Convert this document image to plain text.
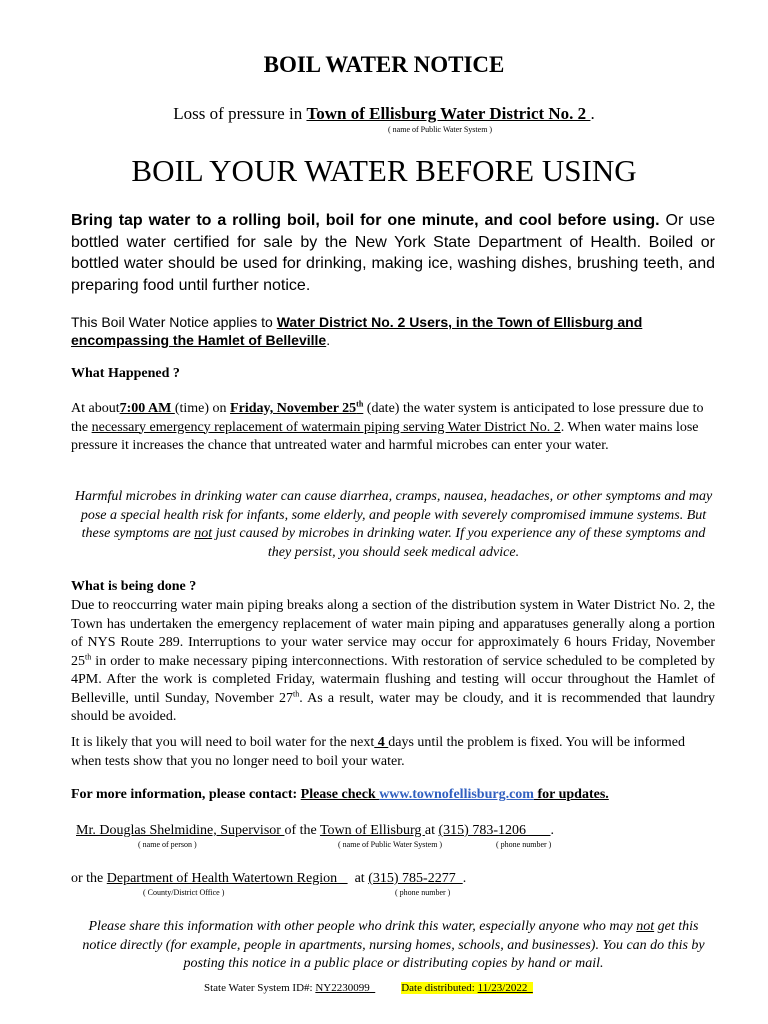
BOIL WATER NOTICE
Loss of pressure in Town of Ellisburg Water District No. 2 .
( name of Public Water System )
BOIL YOUR WATER BEFORE USING
Bring tap water to a rolling boil, boil for one minute, and cool before using. Or use bottled water certified for sale by the New York State Department of Health. Boiled or bottled water should be used for drinking, making ice, washing dishes, brushing teeth, and preparing food until further notice.
This Boil Water Notice applies to Water District No. 2 Users, in the Town of Ellisburg and encompassing the Hamlet of Belleville.
What Happened ?
At about7:00 AM (time) on Friday, November 25th (date) the water system is anticipated to lose pressure due to the necessary emergency replacement of watermain piping serving Water District No. 2. When water mains lose pressure it increases the chance that untreated water and harmful microbes can enter your water.
Harmful microbes in drinking water can cause diarrhea, cramps, nausea, headaches, or other symptoms and may pose a special health risk for infants, some elderly, and people with severely compromised immune systems. But these symptoms are not just caused by microbes in drinking water. If you experience any of these symptoms and they persist, you should seek medical advice.
What is being done ?
Due to reoccurring water main piping breaks along a section of the distribution system in Water District No. 2, the Town has undertaken the emergency replacement of water main piping and apparatuses generally along a portion of NYS Route 289. Interruptions to your water service may occur for approximately 6 hours Friday, November 25th in order to make necessary piping interconnections. With restoration of service scheduled to be completed by 4PM. After the work is completed Friday, watermain flushing and testing will occur throughout the Hamlet of Belleville, until Sunday, November 27th. As a result, water may be cloudy, and it is recommended that laundry should be avoided.
It is likely that you will need to boil water for the next 4 days until the problem is fixed. You will be informed when tests show that you no longer need to boil your water.
For more information, please contact: Please check www.townofellisburg.com for updates.
Mr. Douglas Shelmidine, Supervisor of the Town of Ellisburg at (315) 783-1206       .
( name of person )	( name of Public Water System )	( phone number )
or the Department of Health Watertown Region     at (315) 785-2277  .
( County/District Office )	( phone number )
Please share this information with other people who drink this water, especially anyone who may not get this notice directly (for example, people in apartments, nursing homes, schools, and businesses). You can do this by posting this notice in a public place or distributing copies by hand or mail.
State Water System ID#: NY2230099  Date distributed: 11/23/2022
